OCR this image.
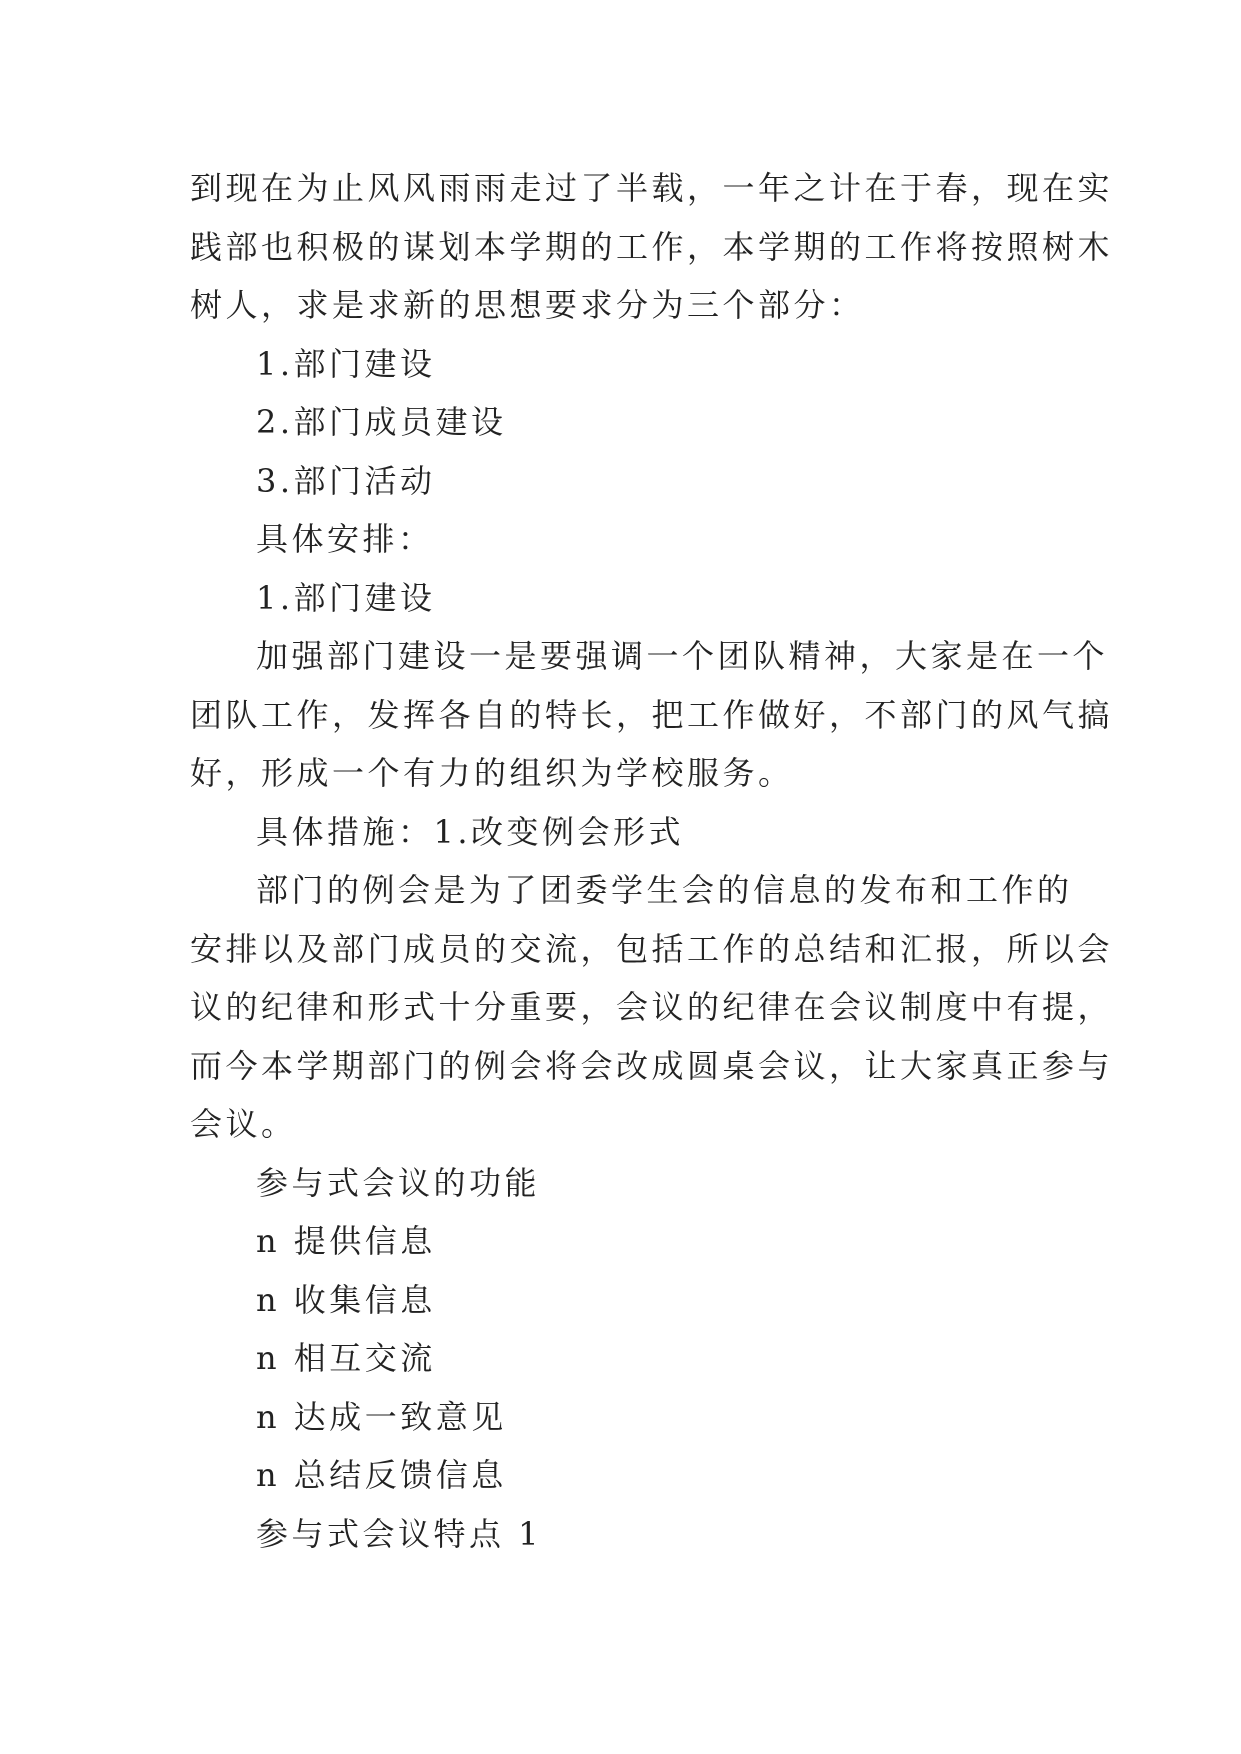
到现在为止风风雨雨走过了半载，一年之计在于春，现在实

践部也积极的谋划本学期的工作，本学期的工作将按照树木

树人，求是求新的思想要求分为三个部分：

1.部门建设

2.部门成员建设

3.部门活动

具体安排：

1.部门建设

加强部门建设一是要强调一个团队精神，大家是在一个

团队工作，发挥各自的特长，把工作做好，不部门的风气搞

好，形成一个有力的组织为学校服务。

具体措施：1.改变例会形式

部门的例会是为了团委学生会的信息的发布和工作的

安排以及部门成员的交流，包括工作的总结和汇报，所以会

议的纪律和形式十分重要，会议的纪律在会议制度中有提，

而今本学期部门的例会将会改成圆桌会议，让大家真正参与

会议。

参与式会议的功能

n 提供信息

n 收集信息

n 相互交流

n 达成一致意见

n 总结反馈信息

参与式会议特点 1
